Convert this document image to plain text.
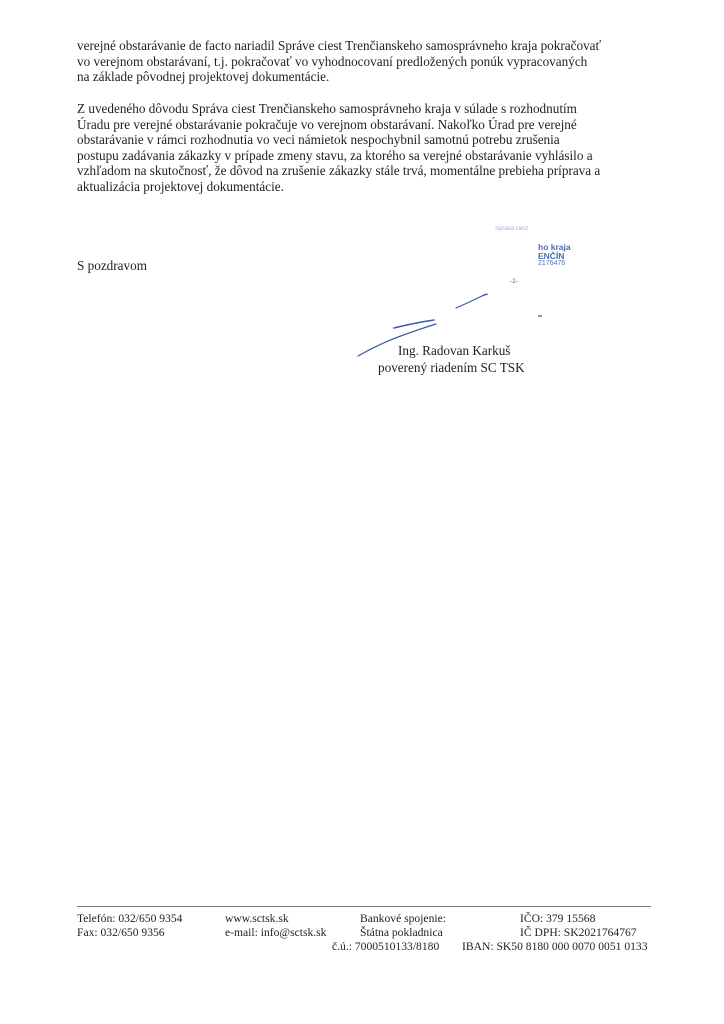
verejné obstarávanie de facto nariadil Správe ciest Trenčianskeho samosprávneho kraja pokračovať
vo verejnom obstarávaní, t.j. pokračovať vo vyhodnocovaní predložených ponúk vypracovaných
na základe pôvodnej projektovej dokumentácie.
Z uvedeného dôvodu Správa ciest Trenčianskeho samosprávneho kraja v súlade s rozhodnutím
Úradu pre verejné obstarávanie pokračuje vo verejnom obstarávaní. Nakoľko Úrad pre verejné
obstarávanie v rámci rozhodnutia vo veci námietok nespochybnil samotnú potrebu zrušenia
postupu zadávania zákazky v prípade zmeny stavu, za ktorého sa verejné obstarávanie vyhlásilo a
vzhľadom na skutočnosť, že dôvod na zrušenie zákazky stále trvá, momentálne prebieha príprava a
aktualizácia projektovej dokumentácie.
S pozdravom
Správa ciest
ho kraja
ENČÍN
2176476
-1-
Ing. Radovan Karkuš
poverený riadením SC TSK
Telefón: 032/650 9354
Fax: 032/650 9356
www.sctsk.sk
e-mail: info@sctsk.sk
Bankové spojenie:
Štátna pokladnica
č.ú.: 7000510133/8180
IČO: 379 15568
IČ DPH: SK2021764767
IBAN: SK50 8180 000 0070 0051 0133
